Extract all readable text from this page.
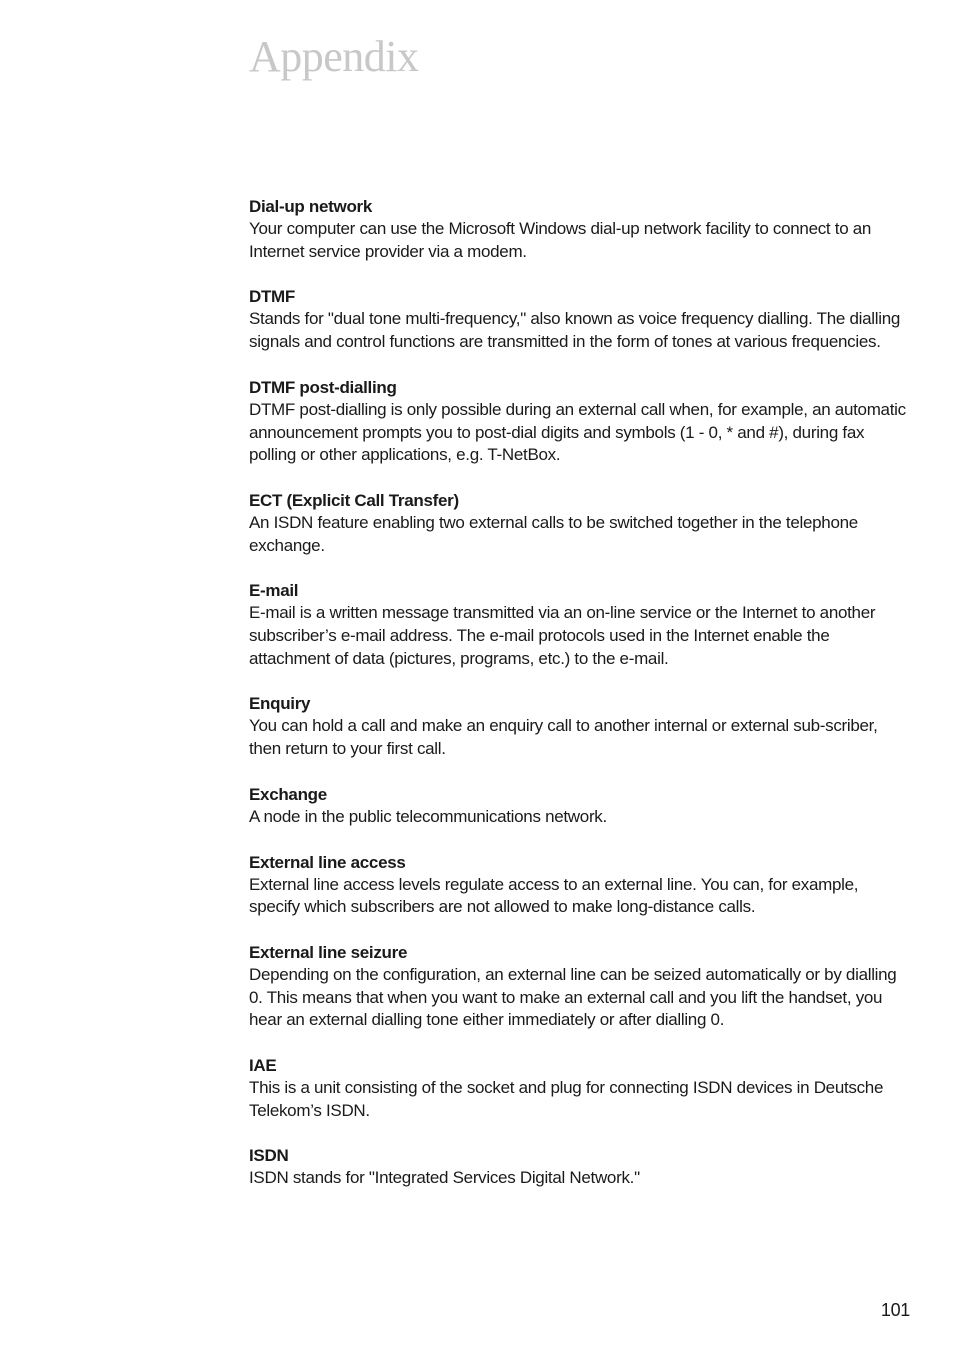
Appendix
Dial-up network

Your computer can use the Microsoft Windows dial-up network facility to connect to an Internet service provider via a modem.

DTMF

Stands for "dual tone multi-frequency," also known as voice frequency dialling. The dialling signals and control functions are transmitted in the form of tones at various frequencies.

DTMF post-dialling

DTMF post-dialling is only possible during an external call when, for example, an automatic announcement prompts you to post-dial digits and symbols (1 - 0, * and #), during fax polling or other applications, e.g. T-NetBox.

ECT (Explicit Call Transfer)

An ISDN feature enabling two external calls to be switched together in the telephone exchange.

E-mail

E-mail is a written message transmitted via an on-line service or the Internet to another subscriber’s e-mail address. The e-mail protocols used in the Internet enable the attachment of data (pictures, programs, etc.) to the e-mail.

Enquiry

You can hold a call and make an enquiry call to another internal or external sub-scriber, then return to your first call.

Exchange

A node in the public telecommunications network.

External line access

External line access levels regulate access to an external line. You can, for example, specify which subscribers are not allowed to make long-distance calls.

External line seizure

Depending on the configuration, an external line can be seized automatically or by dialling 0. This means that when you want to make an external call and you lift the handset, you hear an external dialling tone either immediately or after dialling 0.

IAE

This is a unit consisting of the socket and plug for connecting ISDN devices in Deutsche Telekom’s ISDN.

ISDN

ISDN stands for "Integrated Services Digital Network."

101
